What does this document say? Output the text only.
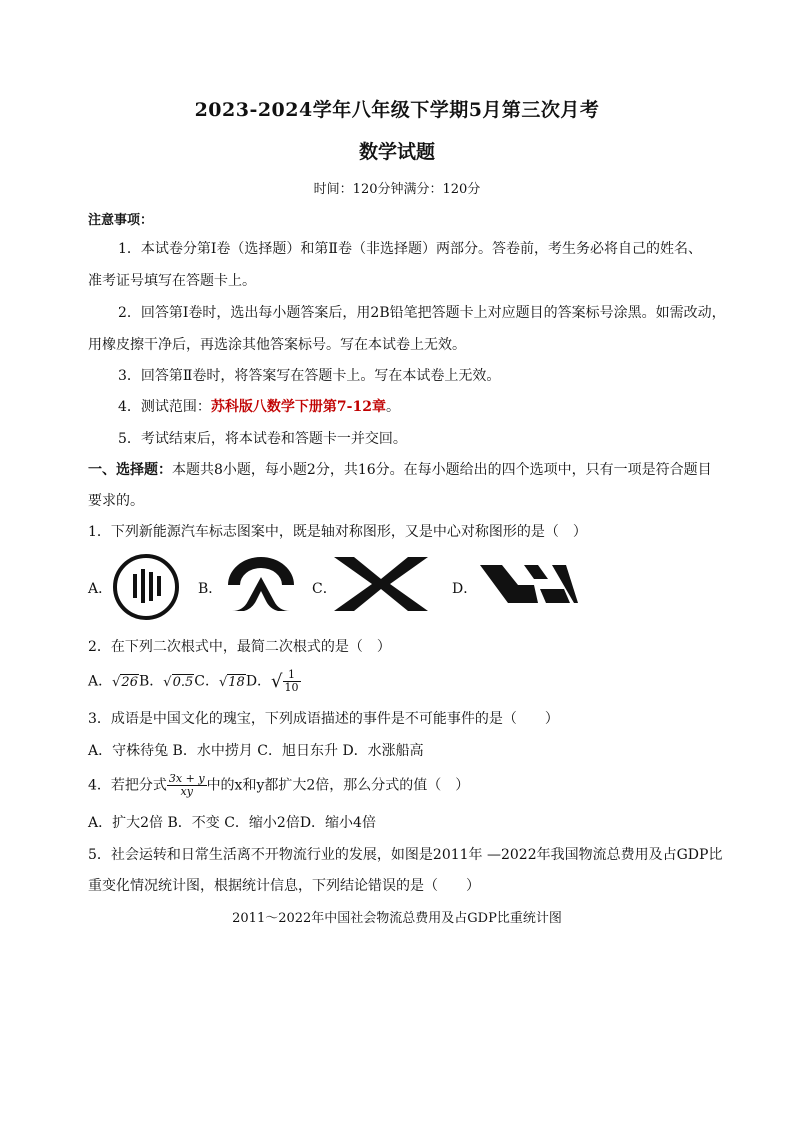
2023-2024学年八年级下学期5月第三次月考
数学试题
时间：120分钟满分：120分
注意事项：
1．本试卷分第Ⅰ卷（选择题）和第Ⅱ卷（非选择题）两部分。答卷前，考生务必将自己的姓名、
准考证号填写在答题卡上。
2．回答第Ⅰ卷时，选出每小题答案后，用2B铅笔把答题卡上对应题目的答案标号涂黑。如需改动，
用橡皮擦干净后，再选涂其他答案标号。写在本试卷上无效。
3．回答第Ⅱ卷时，将答案写在答题卡上。写在本试卷上无效。
4．测试范围：苏科版八数学下册第7-12章。
5．考试结束后，将本试卷和答题卡一并交回。
一、选择题：本题共8小题，每小题2分，共16分。在每小题给出的四个选项中，只有一项是符合题目
要求的。
1．下列新能源汽车标志图案中，既是轴对称图形，又是中心对称图形的是（　）
A．	B．	C．	D．
2．在下列二次根式中，最简二次根式的是（　）
A．√26B．√0.5C．√18D．√ $\frac{1}{10}$
3．成语是中国文化的瑰宝，下列成语描述的事件是不可能事件的是（　　）
A．守株待兔 B．水中捞月 C．旭日东升 D．水涨船高
4．若把分式 $\frac{3x + y}{xy}$ 中的x和y都扩大2倍，那么分式的值（　）
A．扩大2倍 B．不变 C．缩小2倍D．缩小4倍
5．社会运转和日常生活离不开物流行业的发展，如图是2011年 —2022年我国物流总费用及占GDP比
重变化情况统计图，根据统计信息，下列结论错误的是（　　）
2011～2022年中国社会物流总费用及占GDP比重统计图
